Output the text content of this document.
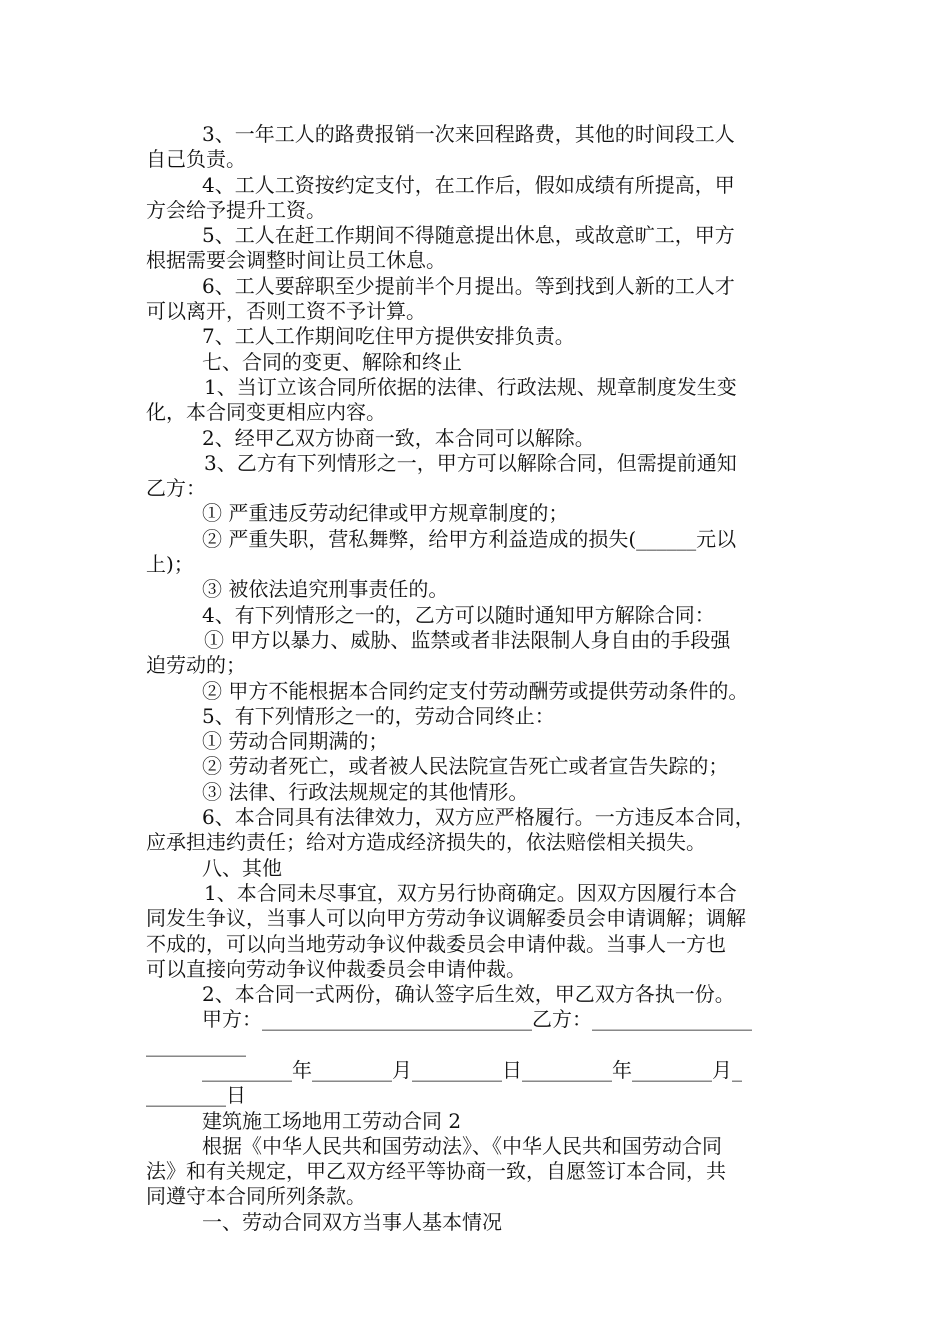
3、一年工人的路费报销一次来回程路费，其他的时间段工人
自己负责。
4、工人工资按约定支付，在工作后，假如成绩有所提高，甲
方会给予提升工资。
5、工人在赶工作期间不得随意提出休息，或故意旷工，甲方
根据需要会调整时间让员工休息。
6、工人要辞职至少提前半个月提出。等到找到人新的工人才
可以离开，否则工资不予计算。
7、工人工作期间吃住甲方提供安排负责。
七、合同的变更、解除和终止
1、当订立该合同所依据的法律、行政法规、规章制度发生变
化，本合同变更相应内容。
2、经甲乙双方协商一致，本合同可以解除。
3、乙方有下列情形之一，甲方可以解除合同，但需提前通知
乙方：
① 严重违反劳动纪律或甲方规章制度的；
② 严重失职，营私舞弊，给甲方利益造成的损失(______元以
上)；
③ 被依法追究刑事责任的。
4、有下列情形之一的，乙方可以随时通知甲方解除合同：
① 甲方以暴力、威胁、监禁或者非法限制人身自由的手段强
迫劳动的；
② 甲方不能根据本合同约定支付劳动酬劳或提供劳动条件的。
5、有下列情形之一的，劳动合同终止：
① 劳动合同期满的；
② 劳动者死亡，或者被人民法院宣告死亡或者宣告失踪的；
③ 法律、行政法规规定的其他情形。
6、本合同具有法律效力，双方应严格履行。一方违反本合同，
应承担违约责任；给对方造成经济损失的，依法赔偿相关损失。
八、其他
1、本合同未尽事宜，双方另行协商确定。因双方因履行本合
同发生争议，当事人可以向甲方劳动争议调解委员会申请调解；调解
不成的，可以向当地劳动争议仲裁委员会申请仲裁。当事人一方也
可以直接向劳动争议仲裁委员会申请仲裁。
2、本合同一式两份，确认签字后生效，甲乙双方各执一份。
甲方：___________________________乙方：________________
__________
_________年________月_________日_________年________月_
________日
建筑施工场地用工劳动合同 2
根据《中华人民共和国劳动法》、《中华人民共和国劳动合同
法》和有关规定，甲乙双方经平等协商一致，自愿签订本合同，共
同遵守本合同所列条款。
一、劳动合同双方当事人基本情况
